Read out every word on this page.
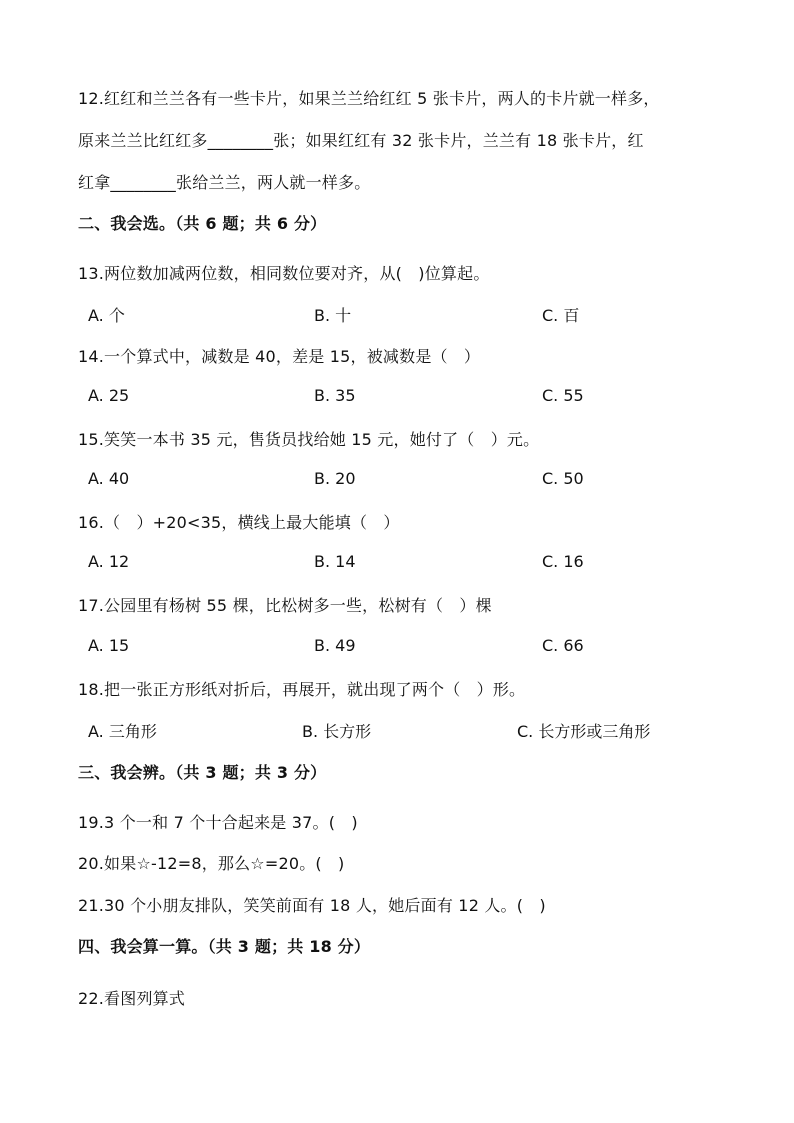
12.红红和兰兰各有一些卡片，如果兰兰给红红 5 张卡片，两人的卡片就一样多，
原来兰兰比红红多________张；如果红红有 32 张卡片，兰兰有 18 张卡片，红
红拿________张给兰兰，两人就一样多。
二、我会选。（共 6 题；共 6 分）
13.两位数加减两位数，相同数位要对齐，从(　)位算起。
A. 个	B. 十	C. 百
14.一个算式中，减数是 40，差是 15，被减数是（　）
A. 25	B. 35	C. 55
15.笑笑一本书 35 元，售货员找给她 15 元，她付了（　）元。
A. 40	B. 20	C. 50
16.（　）+20<35，横线上最大能填（　）
A. 12	B. 14	C. 16
17.公园里有杨树 55 棵，比松树多一些，松树有（　）棵
A. 15	B. 49	C. 66
18.把一张正方形纸对折后，再展开，就出现了两个（　）形。
A. 三角形	B. 长方形	C. 长方形或三角形
三、我会辨。（共 3 题；共 3 分）
19.3 个一和 7 个十合起来是 37。(　)
20.如果☆-12=8，那么☆=20。(　)
21.30 个小朋友排队，笑笑前面有 18 人，她后面有 12 人。(　)
四、我会算一算。（共 3 题；共 18 分）
22.看图列算式
